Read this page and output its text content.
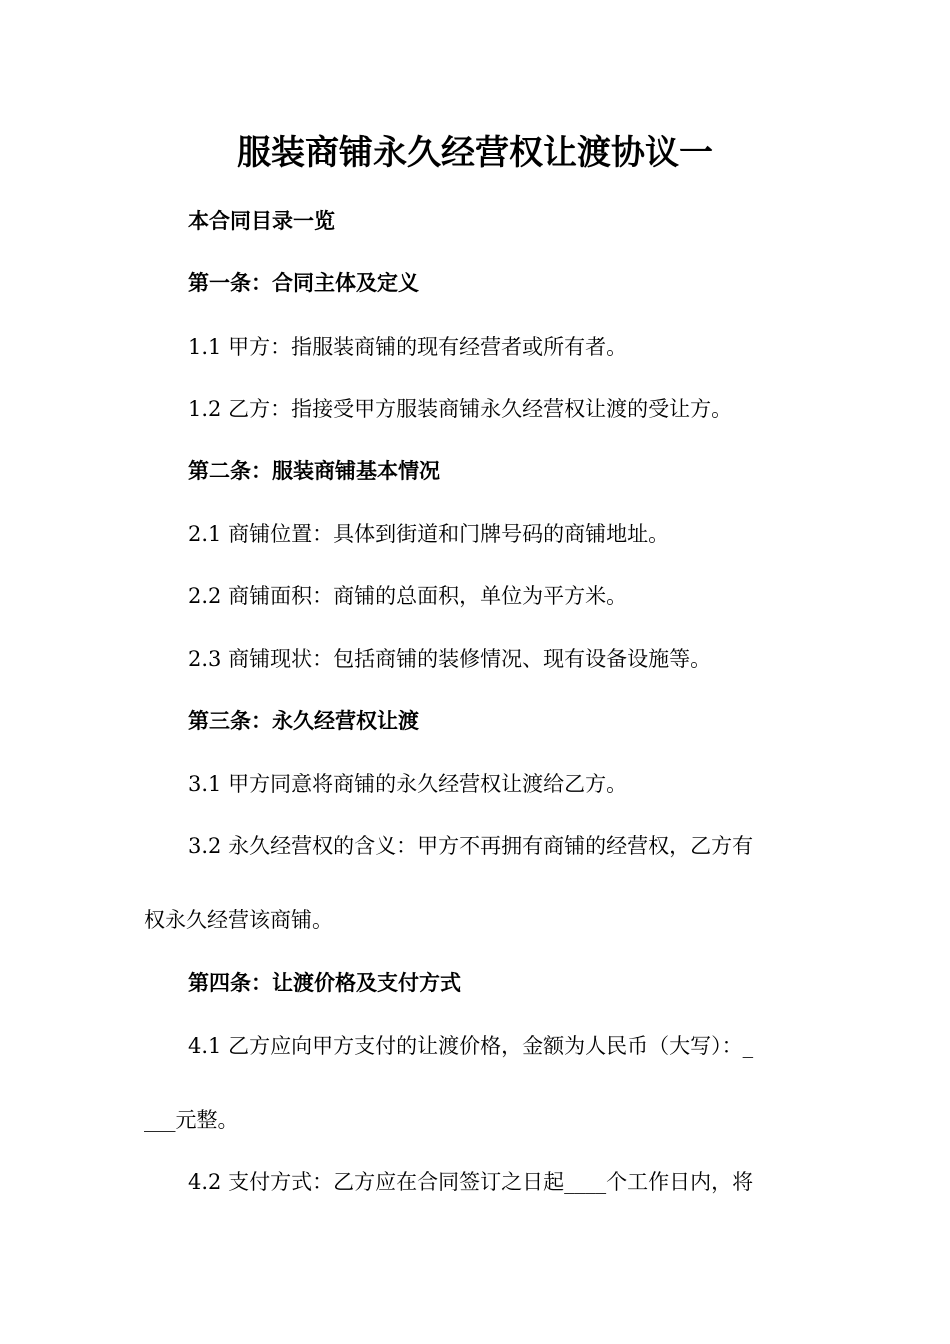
服装商铺永久经营权让渡协议一
本合同目录一览
第一条：合同主体及定义
1.1 甲方：指服装商铺的现有经营者或所有者。
1.2 乙方：指接受甲方服装商铺永久经营权让渡的受让方。
第二条：服装商铺基本情况
2.1 商铺位置：具体到街道和门牌号码的商铺地址。
2.2 商铺面积：商铺的总面积，单位为平方米。
2.3 商铺现状：包括商铺的装修情况、现有设备设施等。
第三条：永久经营权让渡
3.1 甲方同意将商铺的永久经营权让渡给乙方。
3.2 永久经营权的含义：甲方不再拥有商铺的经营权，乙方有
权永久经营该商铺。
第四条：让渡价格及支付方式
4.1 乙方应向甲方支付的让渡价格，金额为人民币（大写）：_
___元整。
4.2 支付方式：乙方应在合同签订之日起____个工作日内，将
